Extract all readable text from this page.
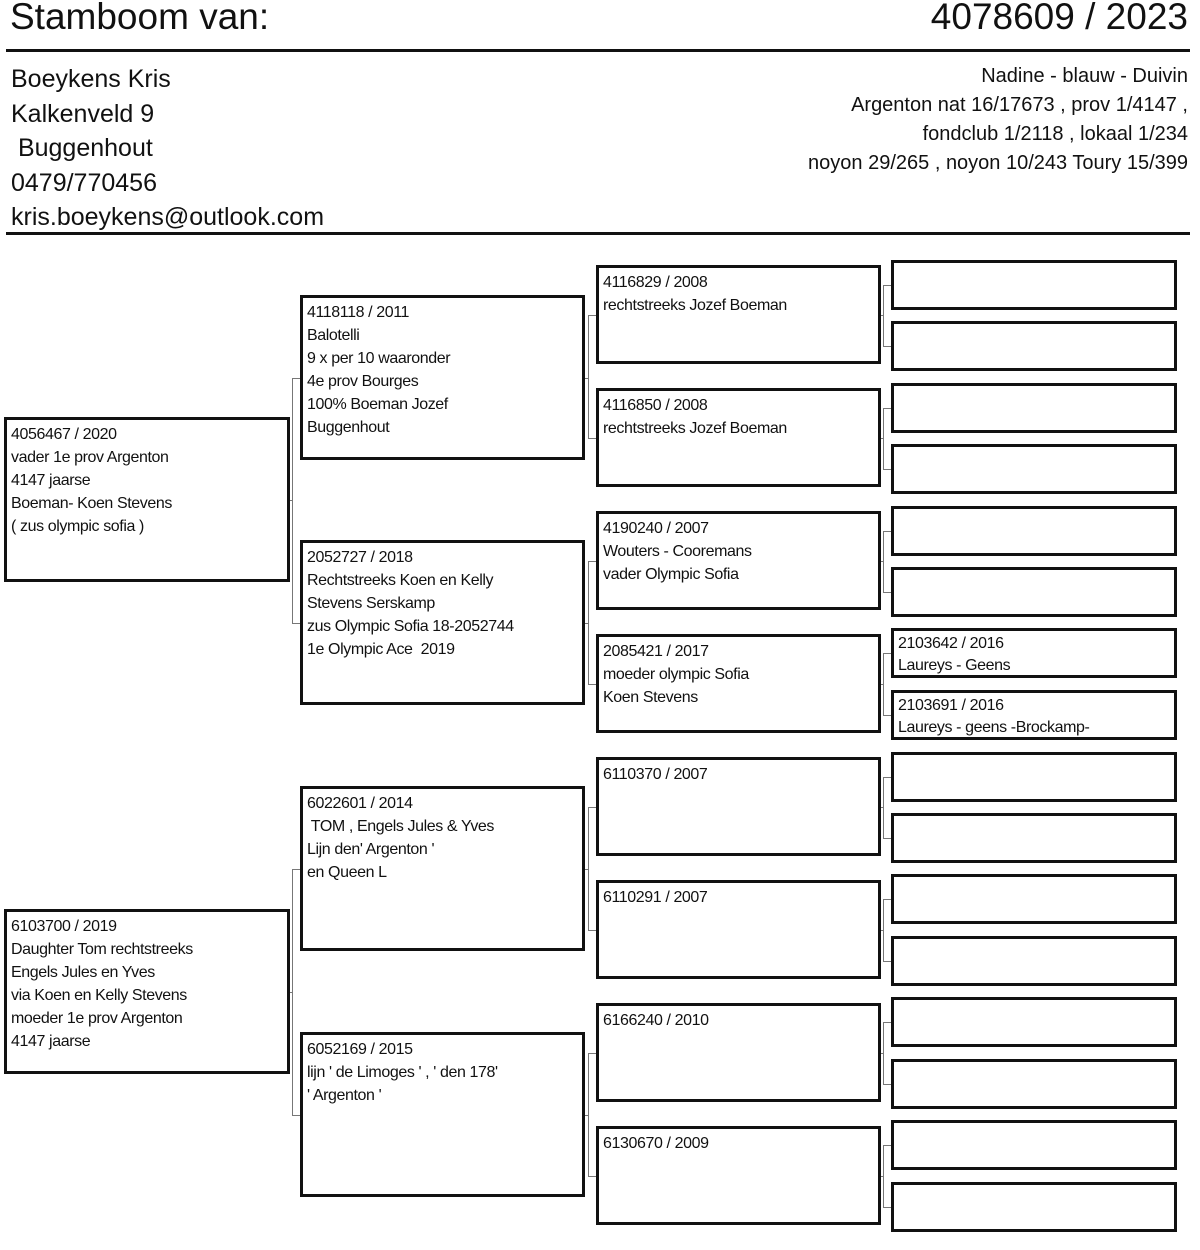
Stamboom van:	4078609 / 2023
Boeykens Kris
Kalkenveld 9
Buggenhout
0479/770456
kris.boeykens@outlook.com
Nadine - blauw - Duivin
Argenton nat 16/17673 , prov 1/4147 ,
fondclub 1/2118 , lokaal 1/234
noyon 29/265 , noyon 10/243 Toury 15/399
4056467 / 2020
vader 1e prov Argenton
4147 jaarse
Boeman- Koen Stevens
( zus olympic sofia )
6103700 / 2019
Daughter Tom rechtstreeks
Engels Jules en Yves
via Koen en Kelly Stevens
moeder 1e prov Argenton
4147 jaarse
4118118 / 2011
Balotelli
9 x per 10 waaronder
4e prov Bourges
100% Boeman Jozef
Buggenhout
2052727 / 2018
Rechtstreeks Koen en Kelly
Stevens Serskamp
zus Olympic Sofia 18-2052744
1e Olympic Ace  2019
6022601 / 2014
TOM , Engels Jules & Yves
Lijn den' Argenton '
en Queen L
6052169 / 2015
lijn ' de Limoges ' , ' den 178'
' Argenton '
4116829 / 2008
rechtstreeks Jozef Boeman
4116850 / 2008
rechtstreeks Jozef Boeman
4190240 / 2007
Wouters - Cooremans
vader Olympic Sofia
2085421 / 2017
moeder olympic Sofia
Koen Stevens
6110370 / 2007
6110291 / 2007
6166240 / 2010
6130670 / 2009
2103642 / 2016
Laureys - Geens
2103691 / 2016
Laureys - geens -Brockamp-
